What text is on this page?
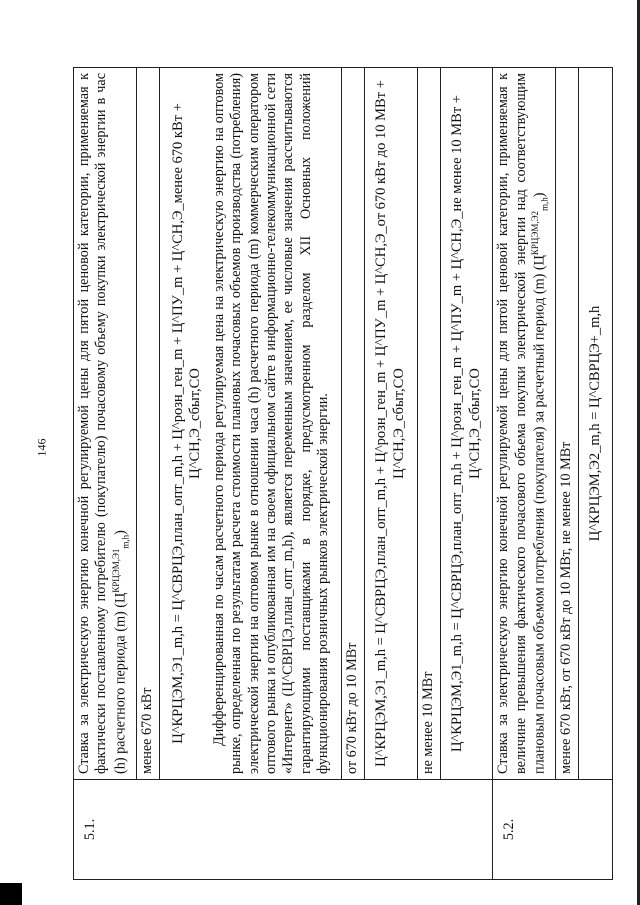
146
5.1.	Ставка за электрическую энергию конечной регулируемой цены для пятой ценовой категории, применяемая к фактически поставленному потребителю (покупателю) почасовому объему покупки электрической энергии в час (h) расчетного периода (m) $(Ц^{КРЦЭМ,Э1}_{m,h})$
	менее 670 кВт

	Ц^КРЦЭМ,Э1_m,h = Ц^СВРЦЭ,план_опт_m,h + Ц^розн_ген_m + Ц^ПУ_m + Ц^СН,Э_менее 670 кВт + Ц^СН,Э_сбыт,СО Дифференцированная по часам расчетного периода регулируемая цена на электрическую энергию на оптовом рынке, определенная по результатам расчета стоимости плановых почасовых объемов производства (потребления) электрической энергии на оптовом рынке в отношении часа (h) расчетного периода (m) коммерческим оператором оптового рынка и опубликованная им на своем официальном сайте в информационно-телекоммуникационной сети «Интернет» (Ц^СВРЦЭ,план_опт_m,h), является переменным значением, ее числовые значения рассчитываются гарантирующими поставщиками в порядке, предусмотренном разделом XII Основных положений функционирования розничных рынков электрической энергии.

	от 670 кВт до 10 МВт
	Ц^КРЦЭМ,Э1_m,h = Ц^СВРЦЭ,план_опт_m,h + Ц^розн_ген_m + Ц^ПУ_m + Ц^СН,Э_от 670 кВт до 10 МВт + Ц^СН,Э_сбыт,СО
	не менее 10 МВт
	Ц^КРЦЭМ,Э1_m,h = Ц^СВРЦЭ,план_опт_m,h + Ц^розн_ген_m + Ц^ПУ_m + Ц^СН,Э_не менее 10 МВт + Ц^СН,Э_сбыт,СО
5.2.	Ставка за электрическую энергию конечной регулируемой цены для пятой ценовой категории, применяемая к величине превышения фактического почасового объема покупки электрической энергии над соответствующим плановым почасовым объемом потребления (покупателя) за расчетный период (m) $(Ц^{КРЦЭМ,Э2}_{m,h})$
	менее 670 кВт, от 670 кВт до 10 МВт, не менее 10 МВт
	Ц^КРЦЭМ,Э2_m,h = Ц^СВРЦЭ+_m,h
